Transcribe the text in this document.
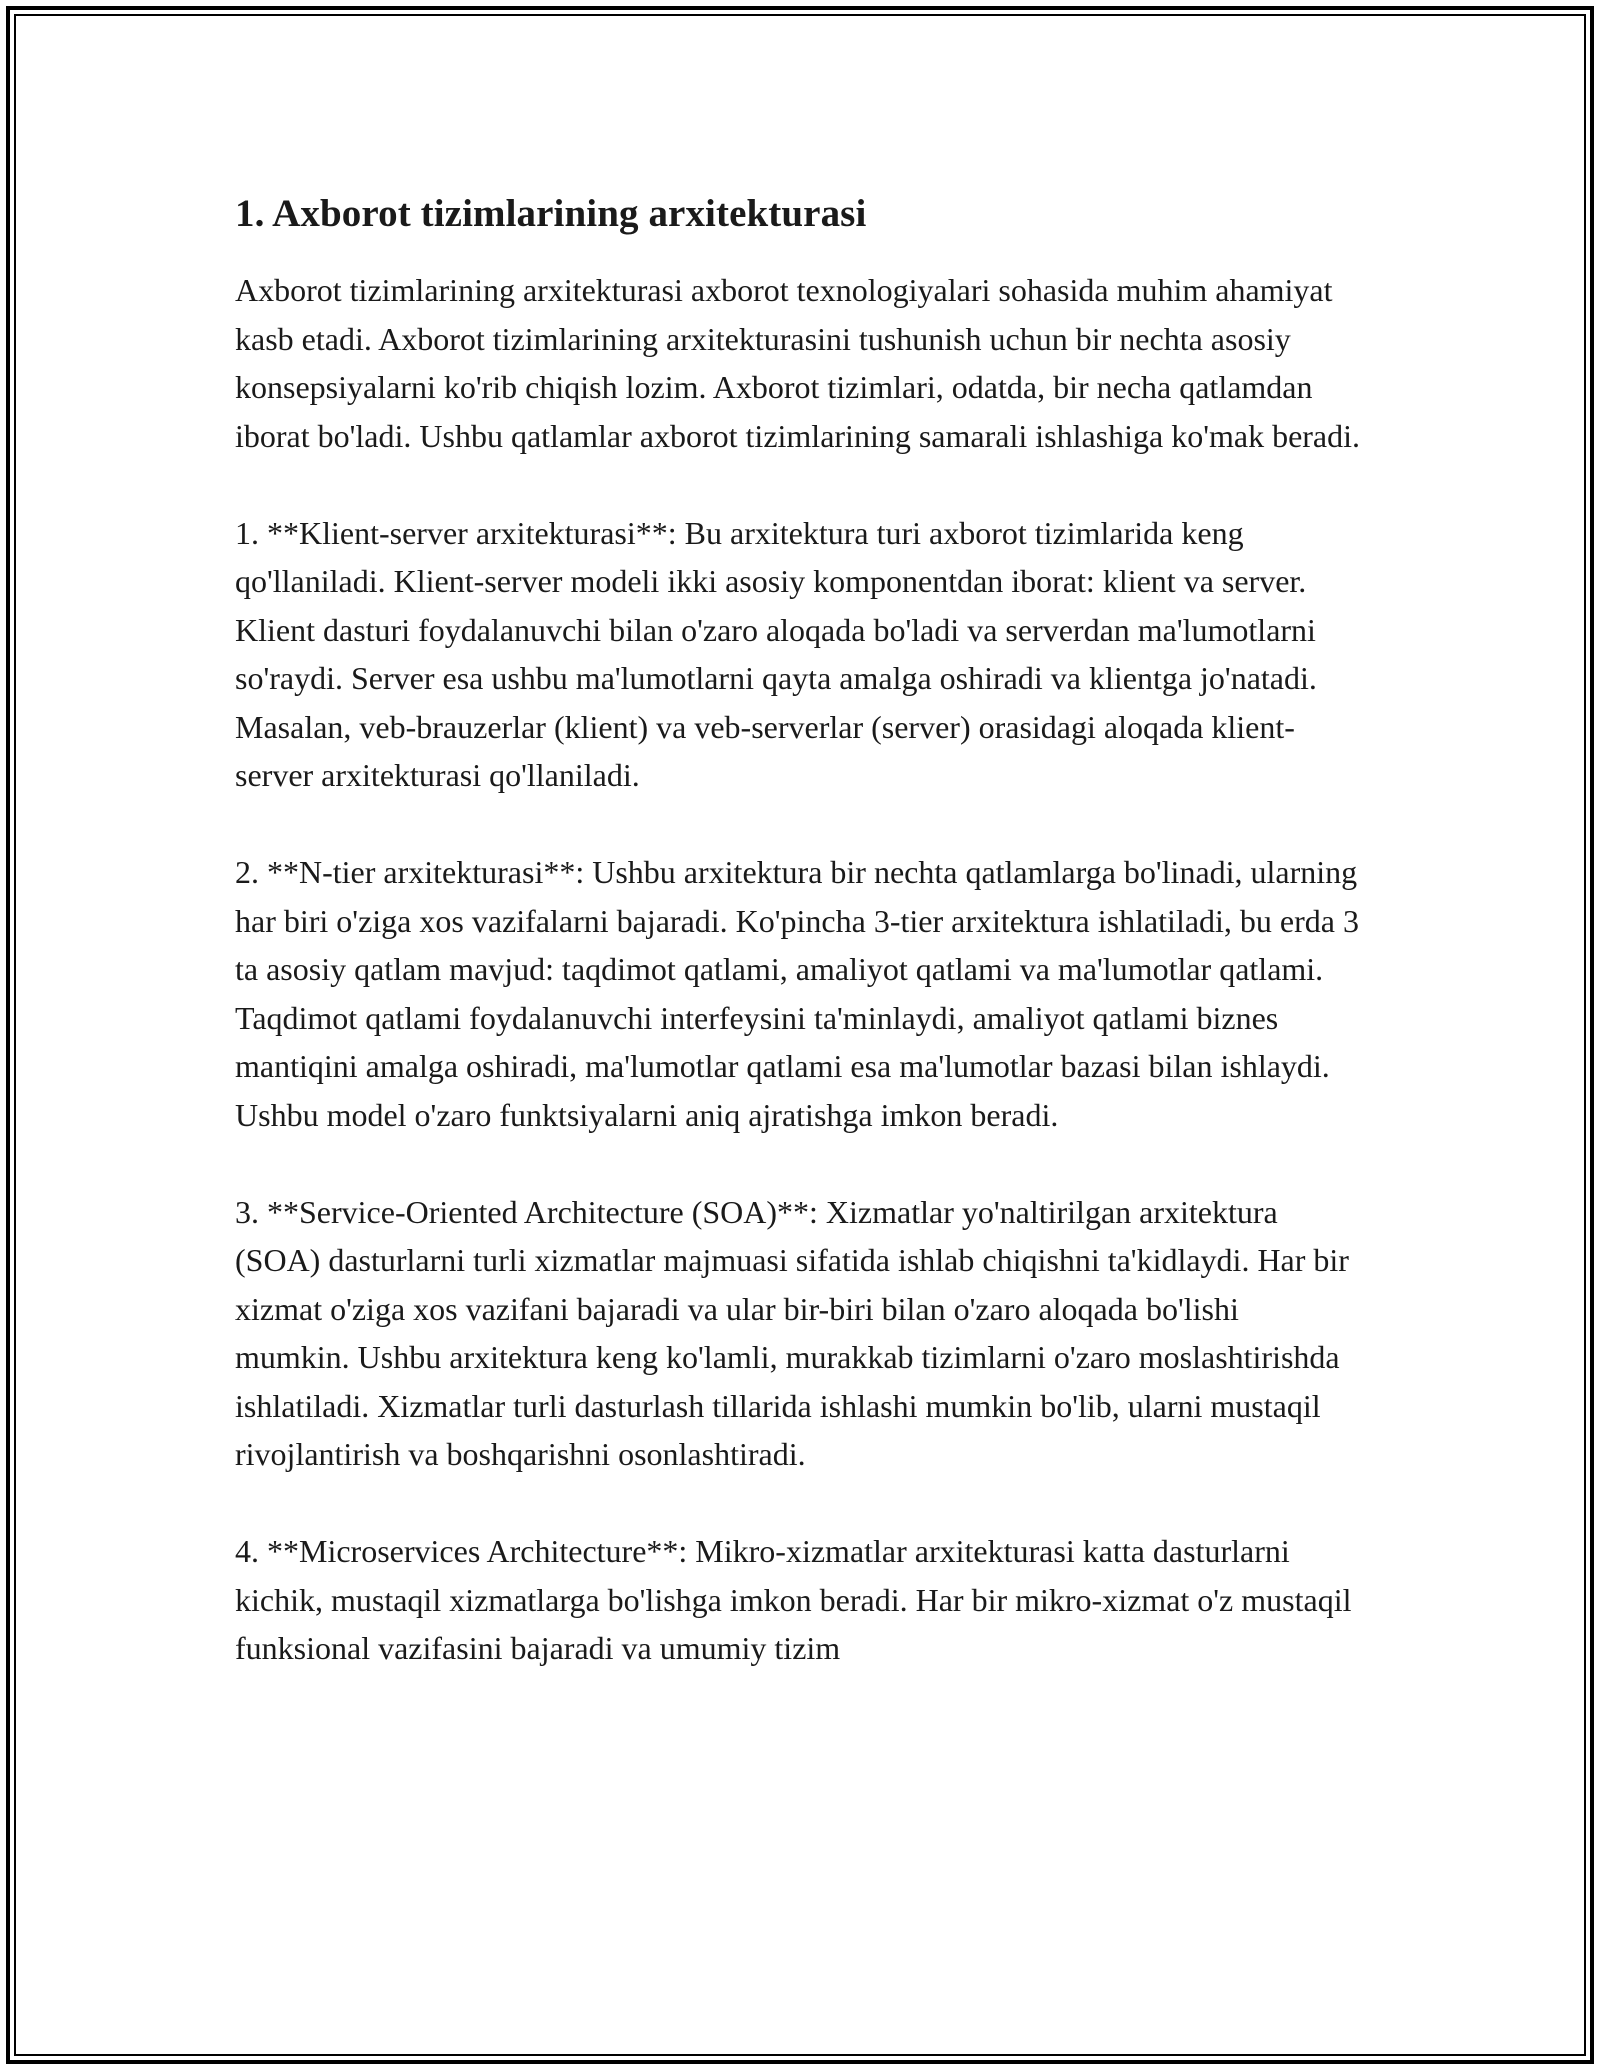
1. Axborot tizimlarining arxitekturasi

Axborot tizimlarining arxitekturasi axborot texnologiyalari sohasida muhim ahamiyat kasb etadi. Axborot tizimlarining arxitekturasini tushunish uchun bir nechta asosiy konsepsiyalarni ko'rib chiqish lozim. Axborot tizimlari, odatda, bir necha qatlamdan iborat bo'ladi. Ushbu qatlamlar axborot tizimlarining samarali ishlashiga ko'mak beradi.

1. **Klient-server arxitekturasi**: Bu arxitektura turi axborot tizimlarida keng qo'llaniladi. Klient-server modeli ikki asosiy komponentdan iborat: klient va server. Klient dasturi foydalanuvchi bilan o'zaro aloqada bo'ladi va serverdan ma'lumotlarni so'raydi. Server esa ushbu ma'lumotlarni qayta amalga oshiradi va klientga jo'natadi. Masalan, veb-brauzerlar (klient) va veb-serverlar (server) orasidagi aloqada klient-server arxitekturasi qo'llaniladi.

2. **N-tier arxitekturasi**: Ushbu arxitektura bir nechta qatlamlarga bo'linadi, ularning har biri o'ziga xos vazifalarni bajaradi. Ko'pincha 3-tier arxitektura ishlatiladi, bu erda 3 ta asosiy qatlam mavjud: taqdimot qatlami, amaliyot qatlami va ma'lumotlar qatlami. Taqdimot qatlami foydalanuvchi interfeysini ta'minlaydi, amaliyot qatlami biznes mantiqini amalga oshiradi, ma'lumotlar qatlami esa ma'lumotlar bazasi bilan ishlaydi. Ushbu model o'zaro funktsiyalarni aniq ajratishga imkon beradi.

3. **Service-Oriented Architecture (SOA)**: Xizmatlar yo'naltirilgan arxitektura (SOA) dasturlarni turli xizmatlar majmuasi sifatida ishlab chiqishni ta'kidlaydi. Har bir xizmat o'ziga xos vazifani bajaradi va ular bir-biri bilan o'zaro aloqada bo'lishi mumkin. Ushbu arxitektura keng ko'lamli, murakkab tizimlarni o'zaro moslashtirishda ishlatiladi. Xizmatlar turli dasturlash tillarida ishlashi mumkin bo'lib, ularni mustaqil rivojlantirish va boshqarishni osonlashtiradi.

4. **Microservices Architecture**: Mikro-xizmatlar arxitekturasi katta dasturlarni kichik, mustaqil xizmatlarga bo'lishga imkon beradi. Har bir mikro-xizmat o'z mustaqil funksional vazifasini bajaradi va umumiy tizim
